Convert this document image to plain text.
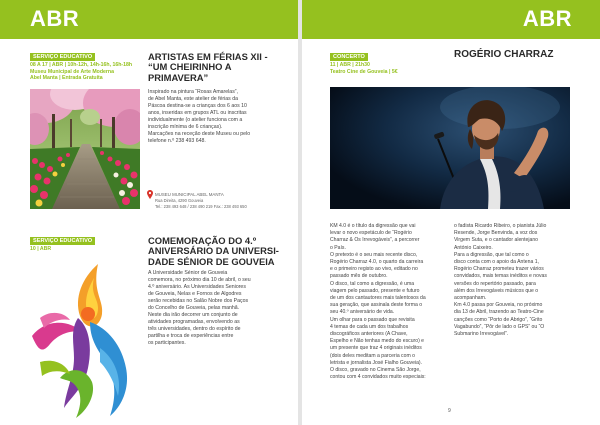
ABR	ABR
SERVIÇO EDUCATIVO
08 A 17 | ABR | 10h-12h, 14h-16h, 16h-18h
Museu Municipal de Arte Moderna
Abel Manta | Entrada Gratuita
ARTISTAS EM FÉRIAS XII -
“UM CHEIRINHO A
PRIMAVERA”

Inspirado na pintura “Rosas Amarelas”,

de Abel Manta, este atelier de férias da

Páscoa destina-se a crianças dos 6 aos 10

anos, inseridas em grupos ATL ou inscritas

individualmente (o atelier funciona com a

inscrição mínima de 6 crianças).

Marcações na receção deste Museu ou pelo

telefone n.º 238 493 648.

MUSEU MUNICIPAL ABEL MANTA
Rua Direita, 4290 Gouveia
Tel.: 238 493 648 / 238 490 219 Fax.: 238 493 650
SERVIÇO EDUCATIVO
10 | ABR
COMEMORAÇÃO DO 4.º
ANIVERSÁRIO DA UNIVERSI-
DADE SÉNIOR DE GOUVEIA

A Universidade Sénior de Gouveia

comemora, no próximo dia 10 de abril, o seu

4.º aniversário. As Universidades Seniores

de Gouveia, Nelas e Fornos de Algodres

serão recebidas no Salão Nobre dos Paços

do Concelho de Gouveia, pelas manhã.

Neste dia irão decorrer um conjunto de

atividades programadas, envolvendo as

três universidades, dentro do espírito de

partilha e troca de experiências entre

os participantes.

CONCERTO
11 | ABR | 21h30
Teatro Cine de Gouveia | 5€
ROGÉRIO CHARRAZ

KM 4.0 é o título da digressão que vai

levar o novo espetáculo de “Rogério

Charraz & Os Irrevogáveis”, a percorrer

o País.

O pretexto é o seu mais recente disco,

Rogério Charraz 4.0, o quarto da carreira

e o primeiro registo ao vivo, editado no

passado mês de outubro.

O disco, tal como a digressão, é uma

viagem pelo passado, presente e futuro

de um dos cantautores mais talentosos da

sua geração, que assinala deste forma o

seu 40.º aniversário de vida.

Um olhar para o passado que revisita

4 temas de cada um dos trabalhos

discográficos anteriores (A Chave,

Espelho e Não tenhas medo do escuro) e

um presente que traz 4 originais inéditos

(dois deles meditam a parceria com o

letrista e jornalista José Fialho Gouveia).

O disco, gravado no Cinema São Jorge,

contou com 4 convidados muito especiais:

o fadista Ricardo Ribeiro, o pianista Júlio

Resende, Jorge Benvinda, a voz dos

Virgem Suta, e o cantador alentejano

António Caixeiro.

Para a digressão, que tal como o

disco conta com o apoio da Antena 1,

Rogério Charraz prometeu trazer vários

convidados, mais temas inéditos e novas

versões do repertório passado, para

além dos Irrevogáveis músicos que o

acompanham.

Km 4.0 passa por Gouveia, no próximo

dia 13 de Abril, trazendo ao Teatro-Cine

canções como “Porto de Abrigo”, “Grito

Vagabundo”, “Pôr de lado o GPS” ou “O

Submarino Irrevogável”.

9
